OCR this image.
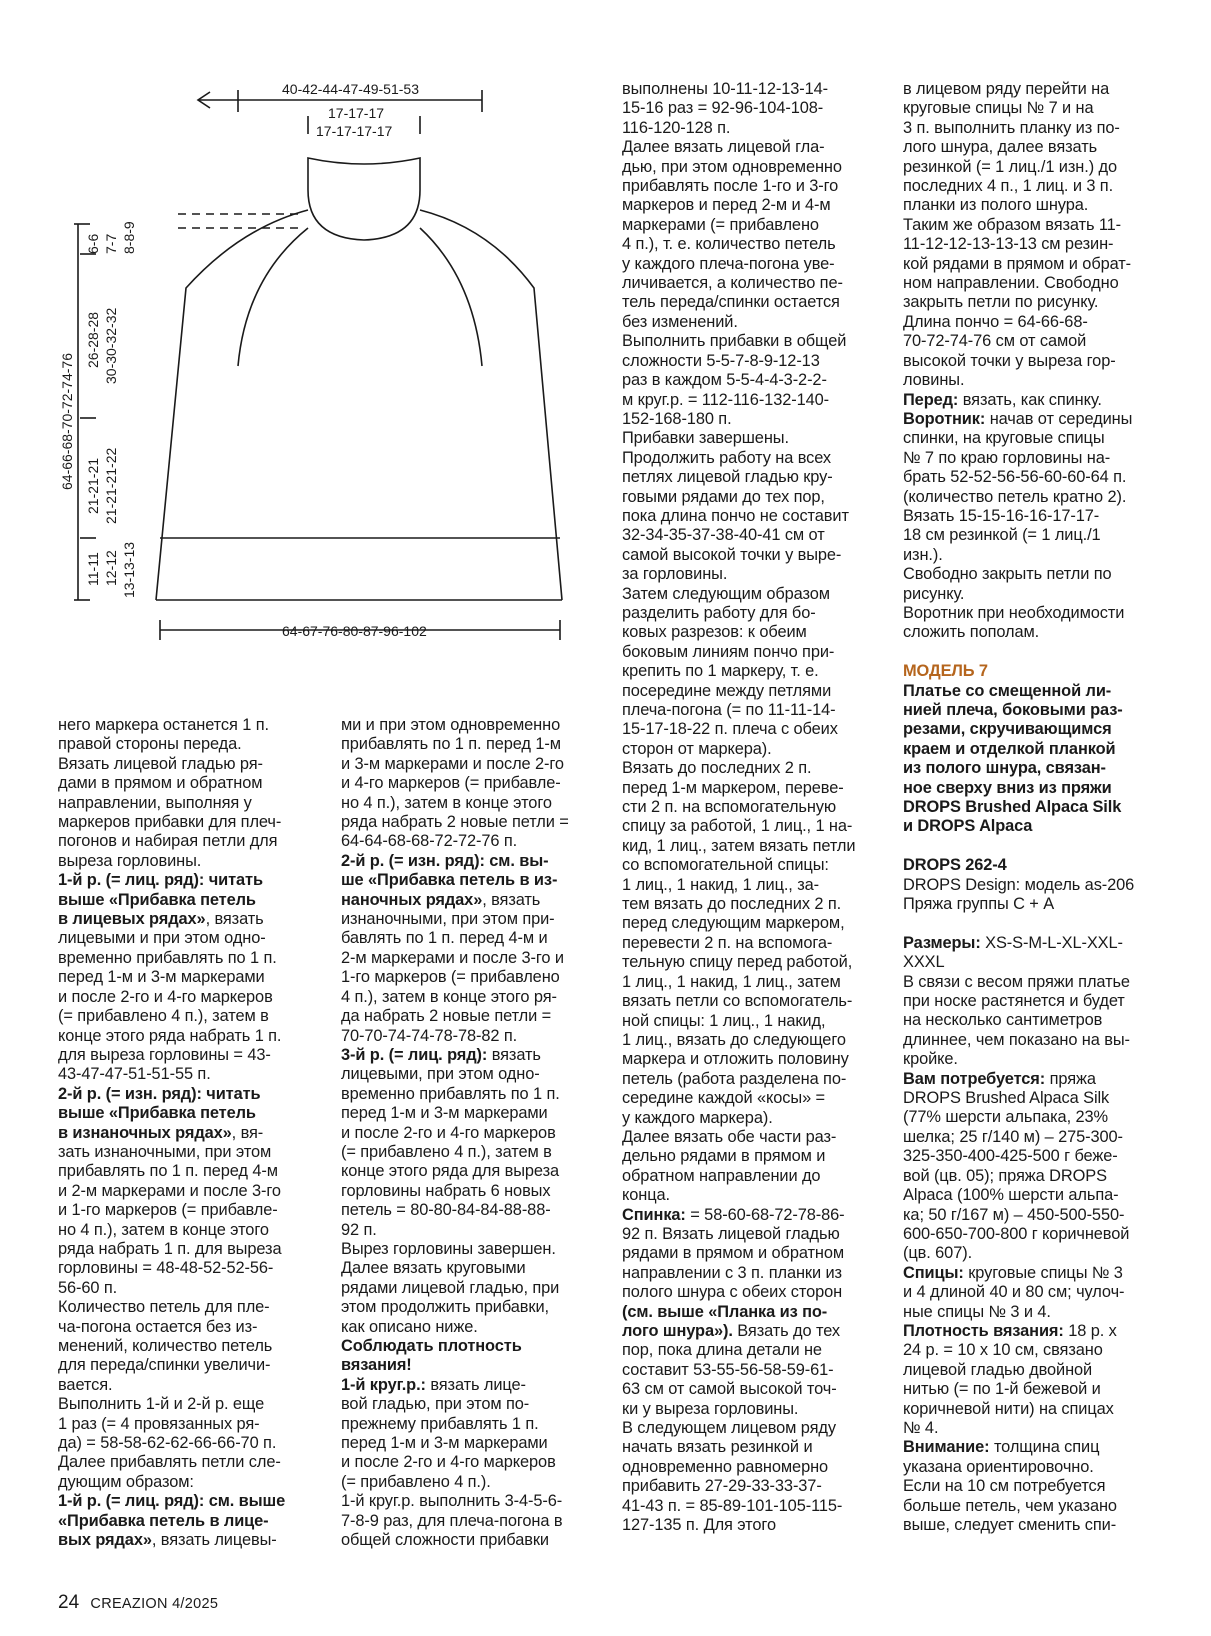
40-42-44-47-49-51-53
17-17-17
17-17-17-17
64-67-76-80-87-96-102
64-66-68-70-72-74-76
6-6 7-7 8-8-9
26-28-28 30-30-32-32
21-21-21 21-21-21-22
11-11 12-12 13-13-13

него маркера останется 1 п.

правой стороны переда.

Вязать лицевой гладью ря-

дами в прямом и обратном

направлении, выполняя у

маркеров прибавки для плеч-

погонов и набирая петли для

выреза горловины.

1-й р. (= лиц. ряд): читать

выше «Прибавка петель

в лицевых рядах», вязать

лицевыми и при этом одно-

временно прибавлять по 1 п.

перед 1-м и 3-м маркерами

и после 2-го и 4-го маркеров

(= прибавлено 4 п.), затем в

конце этого ряда набрать 1 п.

для выреза горловины = 43-

43-47-47-51-51-55 п.

2-й р. (= изн. ряд): читать

выше «Прибавка петель

в изнаночных рядах», вя-

зать изнаночными, при этом

прибавлять по 1 п. перед 4-м

и 2-м маркерами и после 3-го

и 1-го маркеров (= прибавле-

но 4 п.), затем в конце этого

ряда набрать 1 п. для выреза

горловины = 48-48-52-52-56-

56-60 п.

Количество петель для пле-

ча-погона остается без из-

менений, количество петель

для переда/спинки увеличи-

вается.

Выполнить 1-й и 2-й р. еще

1 раз (= 4 провязанных ря-

да) = 58-58-62-62-66-66-70 п.

Далее прибавлять петли сле-

дующим образом:

1-й р. (= лиц. ряд): см. выше

«Прибавка петель в лице-

вых рядах», вязать лицевы-

ми и при этом одновременно

прибавлять по 1 п. перед 1-м

и 3-м маркерами и после 2-го

и 4-го маркеров (= прибавле-

но 4 п.), затем в конце этого

ряда набрать 2 новые петли =

64-64-68-68-72-72-76 п.

2-й р. (= изн. ряд): см. вы-

ше «Прибавка петель в из-

наночных рядах», вязать

изнаночными, при этом при-

бавлять по 1 п. перед 4-м и

2-м маркерами и после 3-го и

1-го маркеров (= прибавлено

4 п.), затем в конце этого ря-

да набрать 2 новые петли =

70-70-74-74-78-78-82 п.

3-й р. (= лиц. ряд): вязать

лицевыми, при этом одно-

временно прибавлять по 1 п.

перед 1-м и 3-м маркерами

и после 2-го и 4-го маркеров

(= прибавлено 4 п.), затем в

конце этого ряда для выреза

горловины набрать 6 новых

петель = 80-80-84-84-88-88-

92 п.

Вырез горловины завершен.

Далее вязать круговыми

рядами лицевой гладью, при

этом продолжить прибавки,

как описано ниже.

Соблюдать плотность

вязания!

1-й круг.р.: вязать лице-

вой гладью, при этом по-

прежнему прибавлять 1 п.

перед 1-м и 3-м маркерами

и после 2-го и 4-го маркеров

(= прибавлено 4 п.).

1-й круг.р. выполнить 3-4-5-6-

7-8-9 раз, для плеча-погона в

общей сложности прибавки

выполнены 10-11-12-13-14-

15-16 раз = 92-96-104-108-

116-120-128 п.

Далее вязать лицевой гла-

дью, при этом одновременно

прибавлять после 1-го и 3-го

маркеров и перед 2-м и 4-м

маркерами (= прибавлено

4 п.), т. е. количество петель

у каждого плеча-погона уве-

личивается, а количество пе-

тель переда/спинки остается

без изменений.

Выполнить прибавки в общей

сложности 5-5-7-8-9-12-13

раз в каждом 5-5-4-4-3-2-2-

м круг.р. = 112-116-132-140-

152-168-180 п.

Прибавки завершены.

Продолжить работу на всех

петлях лицевой гладью кру-

говыми рядами до тех пор,

пока длина пончо не составит

32-34-35-37-38-40-41 см от

самой высокой точки у выре-

за горловины.

Затем следующим образом

разделить работу для бо-

ковых разрезов: к обеим

боковым линиям пончо при-

крепить по 1 маркеру, т. е.

посередине между петлями

плеча-погона (= по 11-11-14-

15-17-18-22 п. плеча с обеих

сторон от маркера).

Вязать до последних 2 п.

перед 1-м маркером, переве-

сти 2 п. на вспомогательную

спицу за работой, 1 лиц., 1 на-

кид, 1 лиц., затем вязать петли

со вспомогательной спицы:

1 лиц., 1 накид, 1 лиц., за-

тем вязать до последних 2 п.

перед следующим маркером,

перевести 2 п. на вспомога-

тельную спицу перед работой,

1 лиц., 1 накид, 1 лиц., затем

вязать петли со вспомогатель-

ной спицы: 1 лиц., 1 накид,

1 лиц., вязать до следующего

маркера и отложить половину

петель (работа разделена по-

середине каждой «косы» =

у каждого маркера).

Далее вязать обе части раз-

дельно рядами в прямом и

обратном направлении до

конца.

Спинка: = 58-60-68-72-78-86-

92 п. Вязать лицевой гладью

рядами в прямом и обратном

направлении с 3 п. планки из

полого шнура с обеих сторон

(см. выше «Планка из по-

лого шнура»). Вязать до тех

пор, пока длина детали не

составит 53-55-56-58-59-61-

63 см от самой высокой точ-

ки у выреза горловины.

В следующем лицевом ряду

начать вязать резинкой и

одновременно равномерно

прибавить 27-29-33-33-37-

41-43 п. = 85-89-101-105-115-

127-135 п. Для этого

в лицевом ряду перейти на

круговые спицы № 7 и на

3 п. выполнить планку из по-

лого шнура, далее вязать

резинкой (= 1 лиц./1 изн.) до

последних 4 п., 1 лиц. и 3 п.

планки из полого шнура.

Таким же образом вязать 11-

11-12-12-13-13-13 см резин-

кой рядами в прямом и обрат-

ном направлении. Свободно

закрыть петли по рисунку.

Длина пончо = 64-66-68-

70-72-74-76 см от самой

высокой точки у выреза гор-

ловины.

Перед: вязать, как спинку.

Воротник: начав от середины

спинки, на круговые спицы

№ 7 по краю горловины на-

брать 52-52-56-56-60-60-64 п.

(количество петель кратно 2).

Вязать 15-15-16-16-17-17-

18 см резинкой (= 1 лиц./1

изн.).

Свободно закрыть петли по

рисунку.

Воротник при необходимости

сложить пополам.

МОДЕЛЬ 7

Платье со смещенной ли-

нией плеча, боковыми раз-

резами, скручивающимся

краем и отделкой планкой

из полого шнура, связан-

ное сверху вниз из пряжи

DROPS Brushed Alpaca Silk

и DROPS Alpaca

DROPS 262-4

DROPS Design: модель as-206

Пряжа группы С + А

Размеры: XS-S-M-L-XL-XXL-

XXXL

В связи с весом пряжи платье

при носке растянется и будет

на несколько сантиметров

длиннее, чем показано на вы-

кройке.

Вам потребуется: пряжа

DROPS Brushed Alpaca Silk

(77% шерсти альпака, 23%

шелка; 25 г/140 м) – 275-300-

325-350-400-425-500 г беже-

вой (цв. 05); пряжа DROPS

Alpaca (100% шерсти альпа-

ка; 50 г/167 м) – 450-500-550-

600-650-700-800 г коричневой

(цв. 607).

Спицы: круговые спицы № 3

и 4 длиной 40 и 80 см; чулоч-

ные спицы № 3 и 4.

Плотность вязания: 18 р. х

24 р. = 10 х 10 см, связано

лицевой гладью двойной

нитью (= по 1-й бежевой и

коричневой нити) на спицах

№ 4.

Внимание: толщина спиц

указана ориентировочно.

Если на 10 см потребуется

больше петель, чем указано

выше, следует сменить спи-

24 CREAZION 4/2025
